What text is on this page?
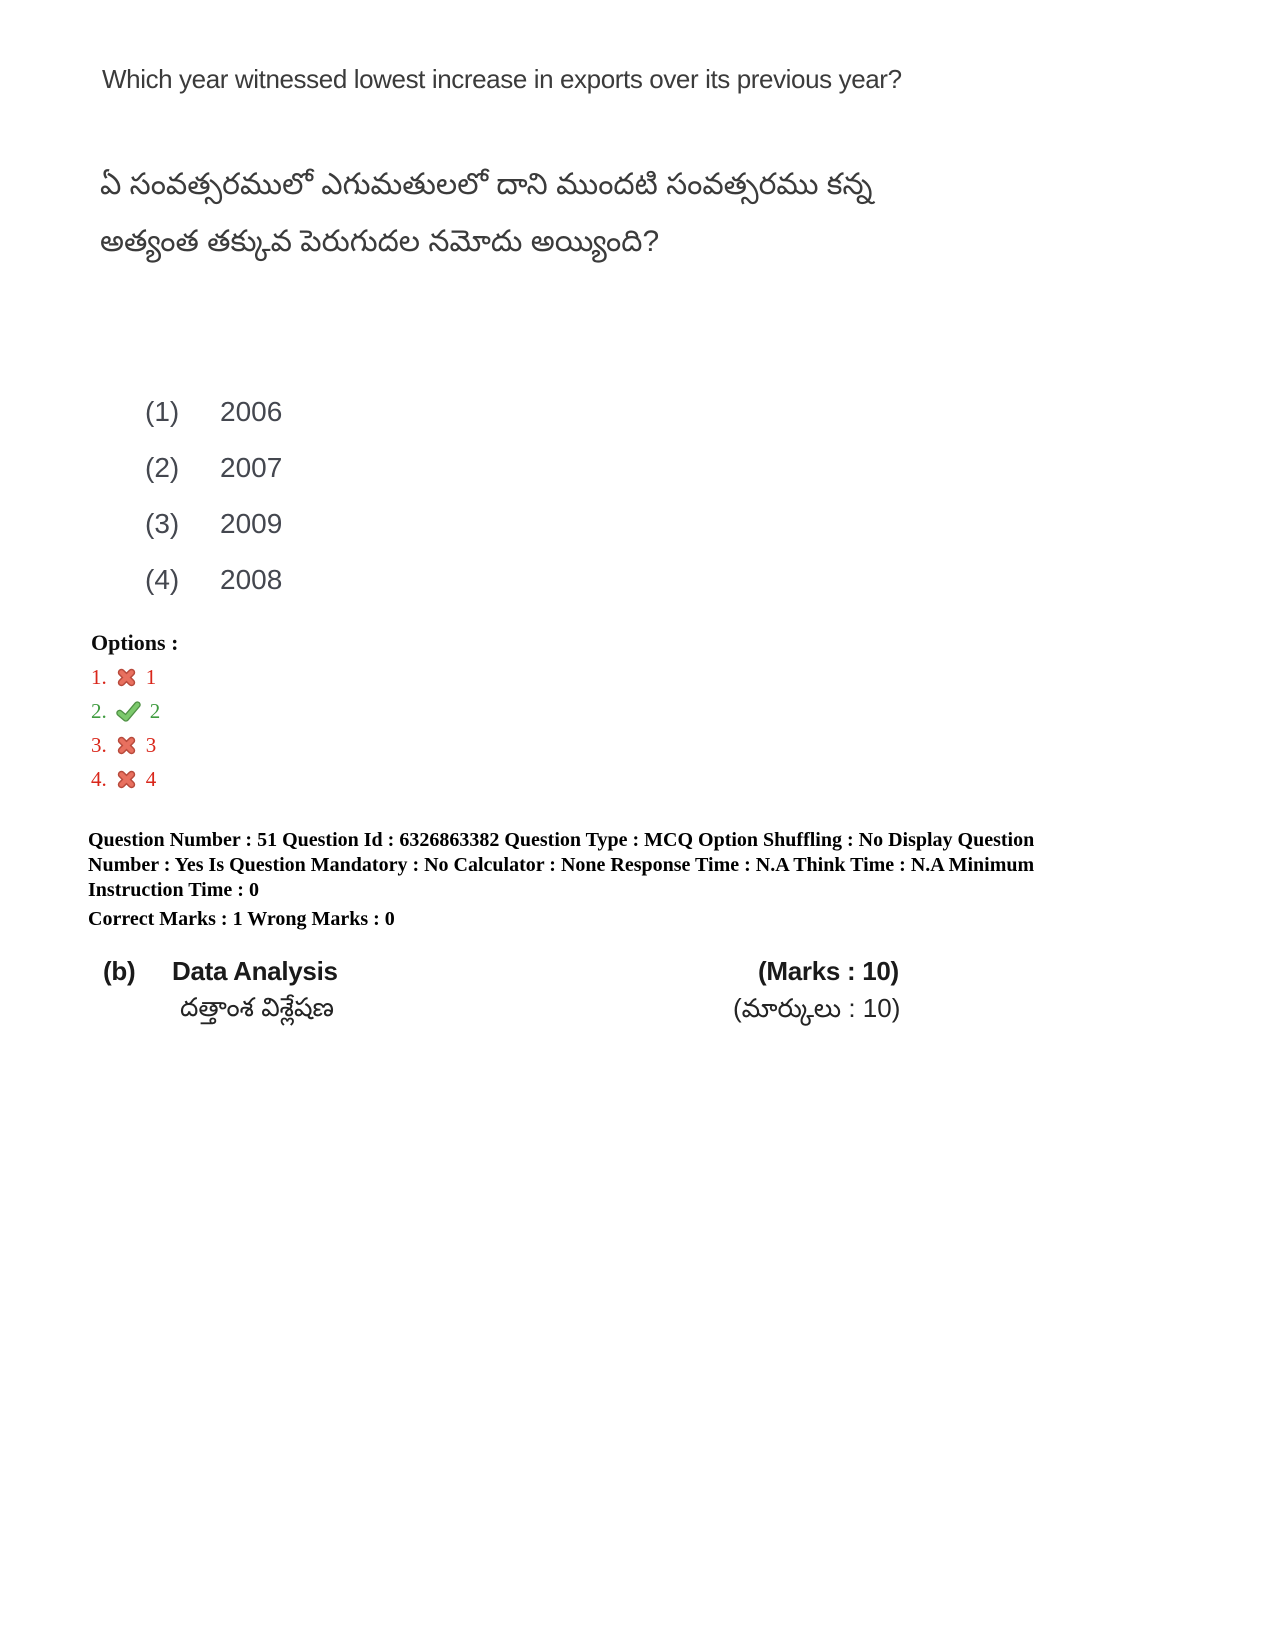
Which year witnessed lowest increase in exports over its previous year?
ఏ సంవత్సరములో ఎగుమతులలో దాని ముందటి సంవత్సరము కన్న
అత్యంత తక్కువ పెరుగుదల నమోదు అయ్యింది?
(1) 2006
(2) 2007
(3) 2009
(4) 2008
Options :
1. 1
2. 2
3. 3
4. 4
Question Number : 51 Question Id : 6326863382 Question Type : MCQ Option Shuffling : No Display Question
Number : Yes Is Question Mandatory : No Calculator : None Response Time : N.A Think Time : N.A Minimum
Instruction Time : 0
Correct Marks : 1 Wrong Marks : 0
(b) Data Analysis	(Marks : 10)
దత్తాంశ విశ్లేషణ	(మార్కులు : 10)
